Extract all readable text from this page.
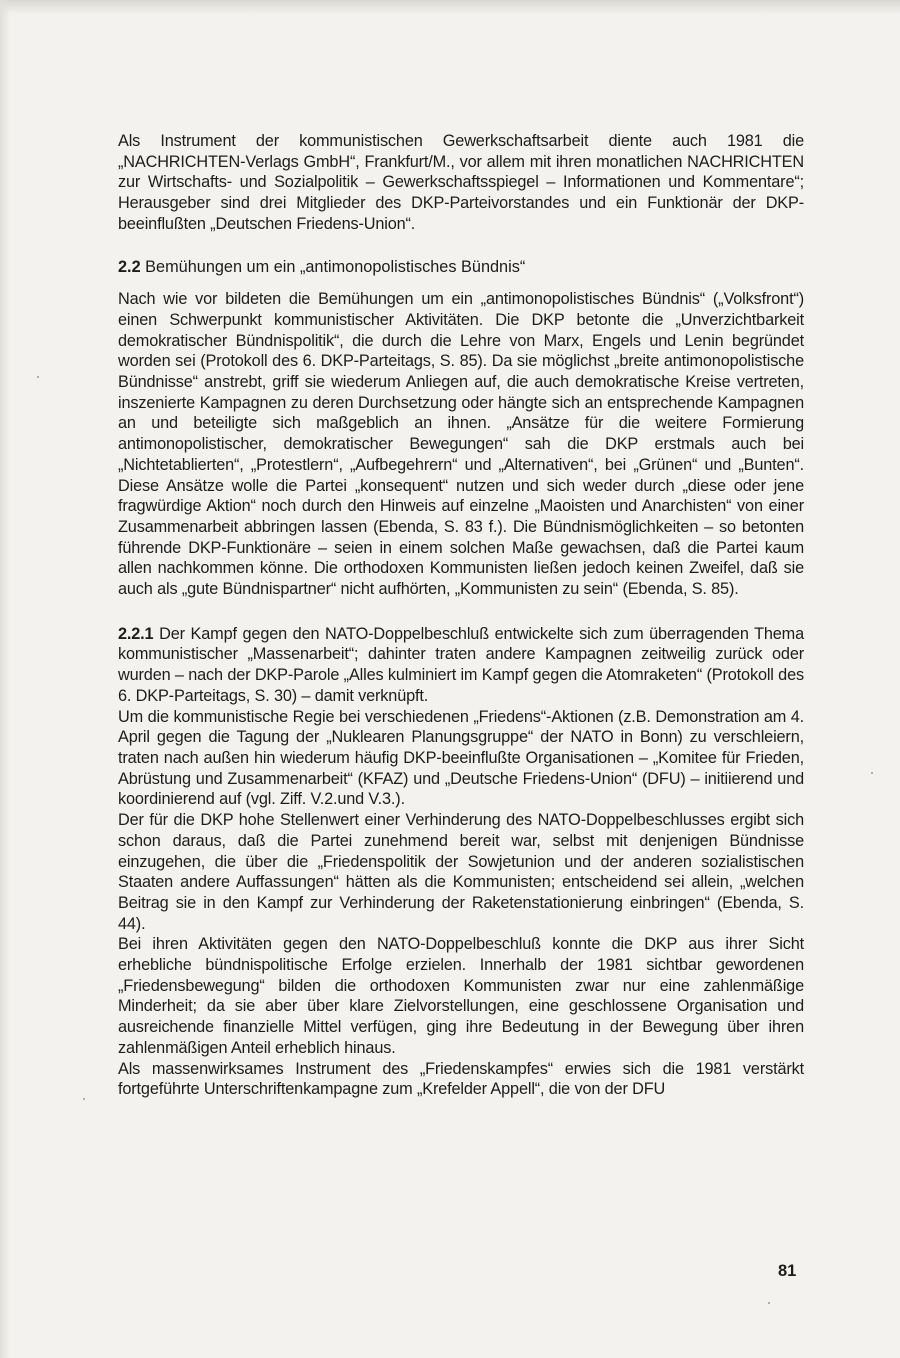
Als Instrument der kommunistischen Gewerkschaftsarbeit diente auch 1981 die „NACHRICHTEN-Verlags GmbH“, Frankfurt/M., vor allem mit ihren monatlichen NACHRICHTEN zur Wirtschafts- und Sozialpolitik – Gewerkschaftsspiegel – Informationen und Kommentare“; Herausgeber sind drei Mitglieder des DKP-Parteivorstandes und ein Funktionär der DKP-beeinflußten „Deutschen Friedens-Union“.

2.2 Bemühungen um ein „antimonopolistisches Bündnis“

Nach wie vor bildeten die Bemühungen um ein „antimonopolistisches Bündnis“ („Volksfront“) einen Schwerpunkt kommunistischer Aktivitäten. Die DKP betonte die „Unverzichtbarkeit demokratischer Bündnispolitik“, die durch die Lehre von Marx, Engels und Lenin begründet worden sei (Protokoll des 6. DKP-Parteitags, S. 85). Da sie möglichst „breite antimonopolistische Bündnisse“ anstrebt, griff sie wiederum Anliegen auf, die auch demokratische Kreise vertreten, inszenierte Kampagnen zu deren Durchsetzung oder hängte sich an entsprechende Kampagnen an und beteiligte sich maßgeblich an ihnen. „Ansätze für die weitere Formierung antimonopolistischer, demokratischer Bewegungen“ sah die DKP erstmals auch bei „Nichtetablierten“, „Protestlern“, „Aufbegehrern“ und „Alternativen“, bei „Grünen“ und „Bunten“. Diese Ansätze wolle die Partei „konsequent“ nutzen und sich weder durch „diese oder jene fragwürdige Aktion“ noch durch den Hinweis auf einzelne „Maoisten und Anarchisten“ von einer Zusammenarbeit abbringen lassen (Ebenda, S. 83 f.). Die Bündnismöglichkeiten – so betonten führende DKP-Funktionäre – seien in einem solchen Maße gewachsen, daß die Partei kaum allen nachkommen könne. Die orthodoxen Kommunisten ließen jedoch keinen Zweifel, daß sie auch als „gute Bündnispartner“ nicht aufhörten, „Kommunisten zu sein“ (Ebenda, S. 85).

2.2.1 Der Kampf gegen den NATO-Doppelbeschluß entwickelte sich zum überragenden Thema kommunistischer „Massenarbeit“; dahinter traten andere Kampagnen zeitweilig zurück oder wurden – nach der DKP-Parole „Alles kulminiert im Kampf gegen die Atomraketen“ (Protokoll des 6. DKP-Parteitags, S. 30) – damit verknüpft.

Um die kommunistische Regie bei verschiedenen „Friedens“-Aktionen (z.B. Demonstration am 4. April gegen die Tagung der „Nuklearen Planungsgruppe“ der NATO in Bonn) zu verschleiern, traten nach außen hin wiederum häufig DKP-beeinflußte Organisationen – „Komitee für Frieden, Abrüstung und Zusammenarbeit“ (KFAZ) und „Deutsche Friedens-Union“ (DFU) – initiierend und koordinierend auf (vgl. Ziff. V.2.und V.3.).

Der für die DKP hohe Stellenwert einer Verhinderung des NATO-Doppelbeschlusses ergibt sich schon daraus, daß die Partei zunehmend bereit war, selbst mit denjenigen Bündnisse einzugehen, die über die „Friedenspolitik der Sowjetunion und der anderen sozialistischen Staaten andere Auffassungen“ hätten als die Kommunisten; entscheidend sei allein, „welchen Beitrag sie in den Kampf zur Verhinderung der Raketenstationierung einbringen“ (Ebenda, S. 44).

Bei ihren Aktivitäten gegen den NATO-Doppelbeschluß konnte die DKP aus ihrer Sicht erhebliche bündnispolitische Erfolge erzielen. Innerhalb der 1981 sichtbar gewordenen „Friedensbewegung“ bilden die orthodoxen Kommunisten zwar nur eine zahlenmäßige Minderheit; da sie aber über klare Zielvorstellungen, eine geschlossene Organisation und ausreichende finanzielle Mittel verfügen, ging ihre Bedeutung in der Bewegung über ihren zahlenmäßigen Anteil erheblich hinaus.

Als massenwirksames Instrument des „Friedenskampfes“ erwies sich die 1981 verstärkt fortgeführte Unterschriftenkampagne zum „Krefelder Appell“, die von der DFU

81
